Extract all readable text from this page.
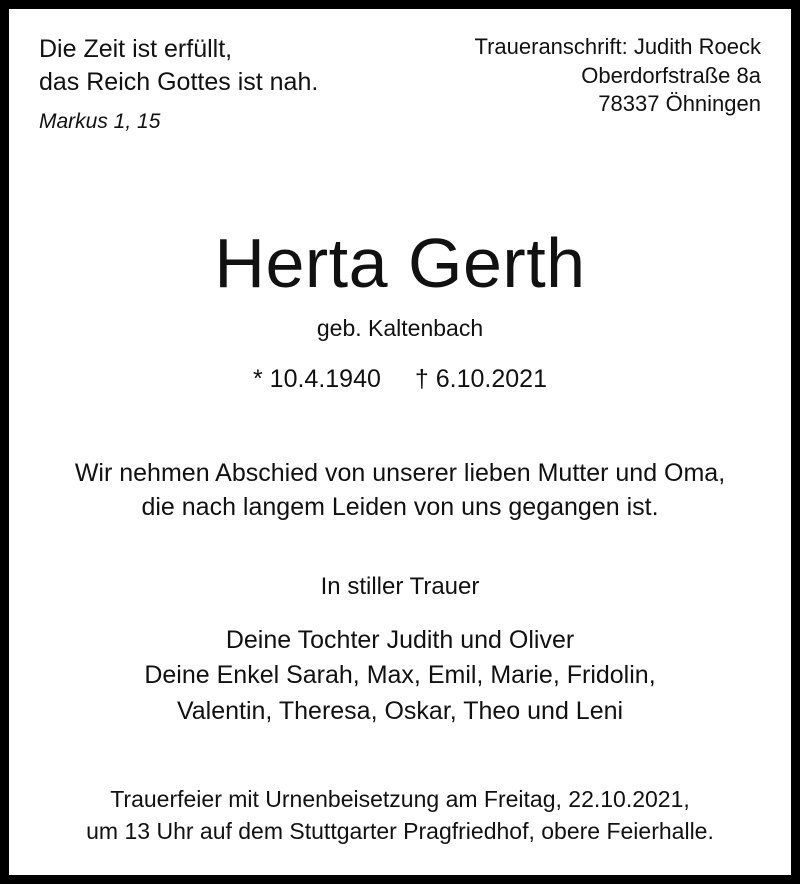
Die Zeit ist erfüllt,
das Reich Gottes ist nah.
Markus 1, 15
Traueranschrift: Judith Roeck
Oberdorfstraße 8a
78337 Öhningen
Herta Gerth
geb. Kaltenbach
* 10.4.1940 † 6.10.2021
Wir nehmen Abschied von unserer lieben Mutter und Oma,
die nach langem Leiden von uns gegangen ist.
In stiller Trauer
Deine Tochter Judith und Oliver
Deine Enkel Sarah, Max, Emil, Marie, Fridolin,
Valentin, Theresa, Oskar, Theo und Leni
Trauerfeier mit Urnenbeisetzung am Freitag, 22.10.2021,
um 13 Uhr auf dem Stuttgarter Pragfriedhof, obere Feierhalle.
